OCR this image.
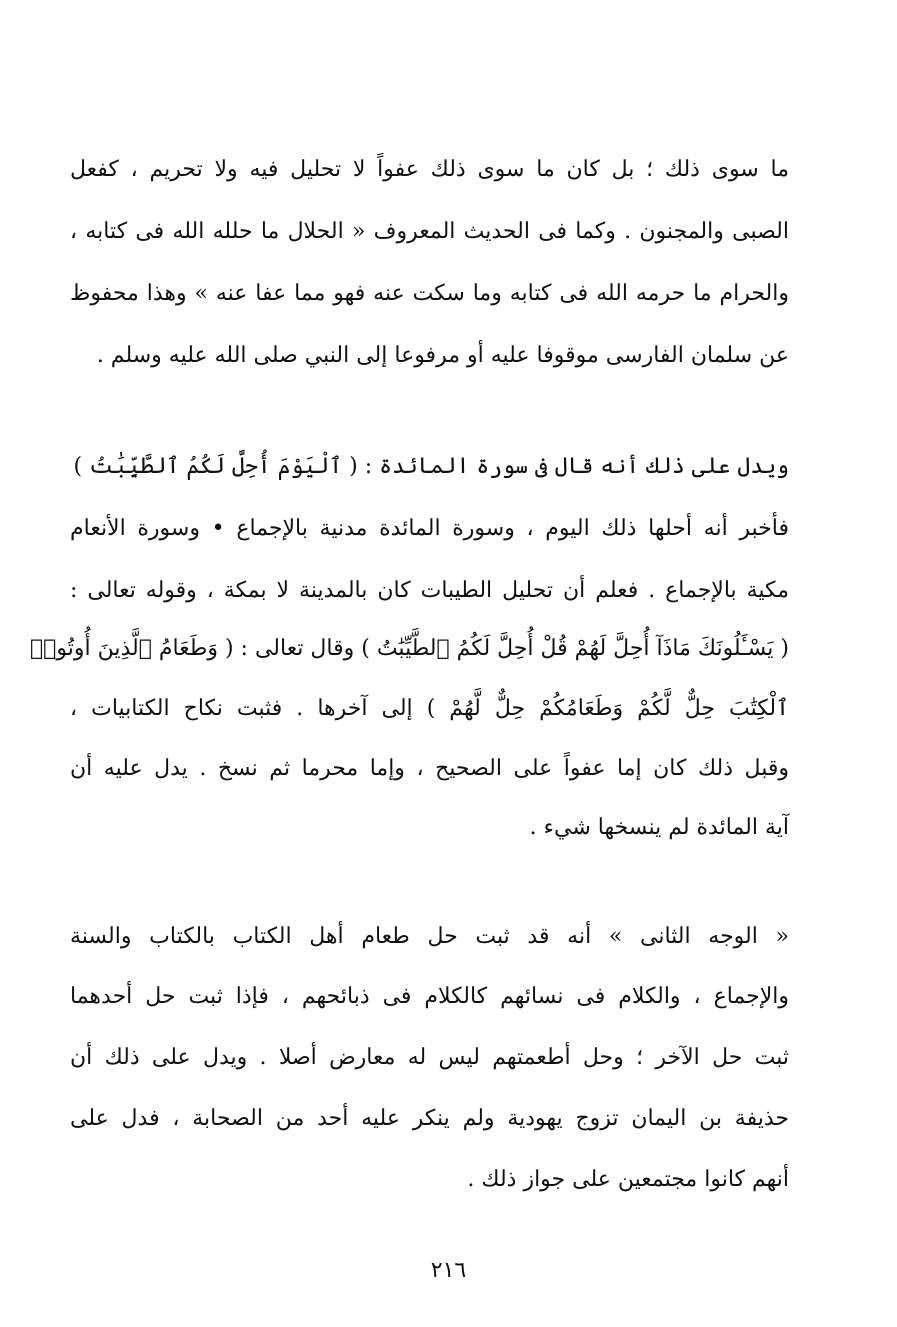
ما سوى ذلك ؛ بل كان ما سوى ذلك عفواً لا تحليل فيه ولا تحريم ، كفعل
الصبى والمجنون . وكما فى الحديث المعروف « الحلال ما حلله الله فى كتابه ،
والحرام ما حرمه الله فى كتابه وما سكت عنه فهو مما عفا عنه » وهذا محفوظ
عن سلمان الفارسى موقوفا عليه أو مرفوعا إلى النبي صلى الله عليه وسلم .
ويدل على ذلك أنه قال فى سورة المائدة : ( ٱلْيَوْمَ أُحِلَّ لَكُمُ ٱلطَّيِّبَٰتُ )
فأخبر أنه أحلها ذلك اليوم ، وسورة المائدة مدنية بالإجماع • وسورة الأنعام
مكية بالإجماع . فعلم أن تحليل الطيبات كان بالمدينة لا بمكة ، وقوله تعالى :
( يَسْـَٔلُونَكَ مَاذَآ أُحِلَّ لَهُمْ قُلْ أُحِلَّ لَكُمُ ٱلطَّيِّبَٰتُ ) وقال تعالى : ( وَطَعَامُ ٱلَّذِينَ أُوتُوا۟
ٱلْكِتَٰبَ حِلٌّ لَّكُمْ وَطَعَامُكُمْ حِلٌّ لَّهُمْ ) إلى آخرها . فثبت نكاح الكتابيات ،
وقبل ذلك كان إما عفواً على الصحيح ، وإما محرما ثم نسخ . يدل عليه أن
آية المائدة لم ينسخها شيء .
« الوجه الثانى » أنه قد ثبت حل طعام أهل الكتاب بالكتاب والسنة
والإجماع ، والكلام فى نسائهم كالكلام فى ذبائحهم ، فإذا ثبت حل أحدهما
ثبت حل الآخر ؛ وحل أطعمتهم ليس له معارض أصلا . ويدل على ذلك أن
حذيفة بن اليمان تزوج يهودية ولم ينكر عليه أحد من الصحابة ، فدل على
أنهم كانوا مجتمعين على جواز ذلك .
٢١٦
